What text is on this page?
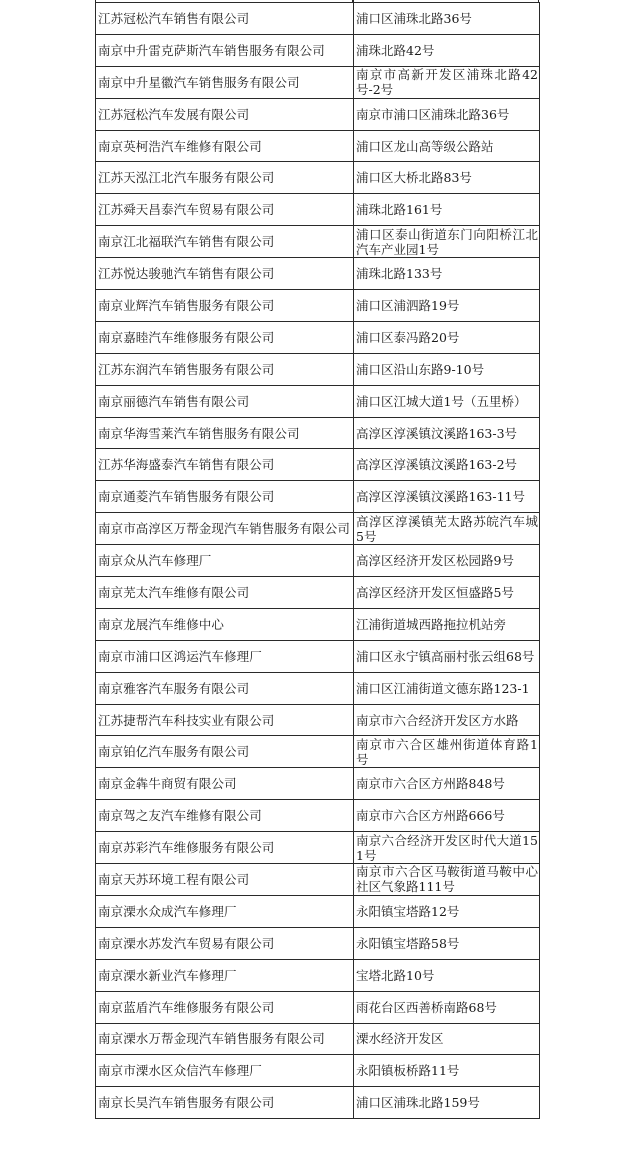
江苏冠松汽车销售有限公司	浦口区浦珠北路36号
南京中升雷克萨斯汽车销售服务有限公司	浦珠北路42号
南京中升星徽汽车销售服务有限公司	南京市高新开发区浦珠北路42号-2号
江苏冠松汽车发展有限公司	南京市浦口区浦珠北路36号
南京英柯浩汽车维修有限公司	浦口区龙山高等级公路站
江苏天泓江北汽车服务有限公司	浦口区大桥北路83号
江苏舜天昌泰汽车贸易有限公司	浦珠北路161号
南京江北福联汽车销售有限公司	浦口区泰山街道东门向阳桥江北汽车产业园1号
江苏悦达骏驰汽车销售有限公司	浦珠北路133号
南京业辉汽车销售服务有限公司	浦口区浦泗路19号
南京嘉睦汽车维修服务有限公司	浦口区泰冯路20号
江苏东润汽车销售服务有限公司	浦口区沿山东路9-10号
南京丽德汽车销售有限公司	浦口区江城大道1号（五里桥）
南京华海雪莱汽车销售服务有限公司	高淳区淳溪镇汶溪路163-3号
江苏华海盛泰汽车销售有限公司	高淳区淳溪镇汶溪路163-2号
南京通菱汽车销售服务有限公司	高淳区淳溪镇汶溪路163-11号
南京市高淳区万帮金现汽车销售服务有限公司	高淳区淳溪镇芜太路苏皖汽车城5号
南京众从汽车修理厂	高淳区经济开发区松园路9号
南京芜太汽车维修有限公司	高淳区经济开发区恒盛路5号
南京龙展汽车维修中心	江浦街道城西路拖拉机站旁
南京市浦口区鸿运汽车修理厂	浦口区永宁镇高丽村张云组68号
南京雅客汽车服务有限公司	浦口区江浦街道文德东路123-1
江苏捷帮汽车科技实业有限公司	南京市六合经济开发区方水路
南京铂亿汽车服务有限公司	南京市六合区雄州街道体育路1号
南京金犇牛商贸有限公司	南京市六合区方州路848号
南京驾之友汽车维修有限公司	南京市六合区方州路666号
南京苏彩汽车维修服务有限公司	南京六合经济开发区时代大道151号
南京天苏环境工程有限公司	南京市六合区马鞍街道马鞍中心社区气象路111号
南京溧水众成汽车修理厂	永阳镇宝塔路12号
南京溧水苏发汽车贸易有限公司	永阳镇宝塔路58号
南京溧水新业汽车修理厂	宝塔北路10号
南京蓝盾汽车维修服务有限公司	雨花台区西善桥南路68号
南京溧水万帮金现汽车销售服务有限公司	溧水经济开发区
南京市溧水区众信汽车修理厂	永阳镇板桥路11号
南京长昊汽车销售服务有限公司	浦口区浦珠北路159号
